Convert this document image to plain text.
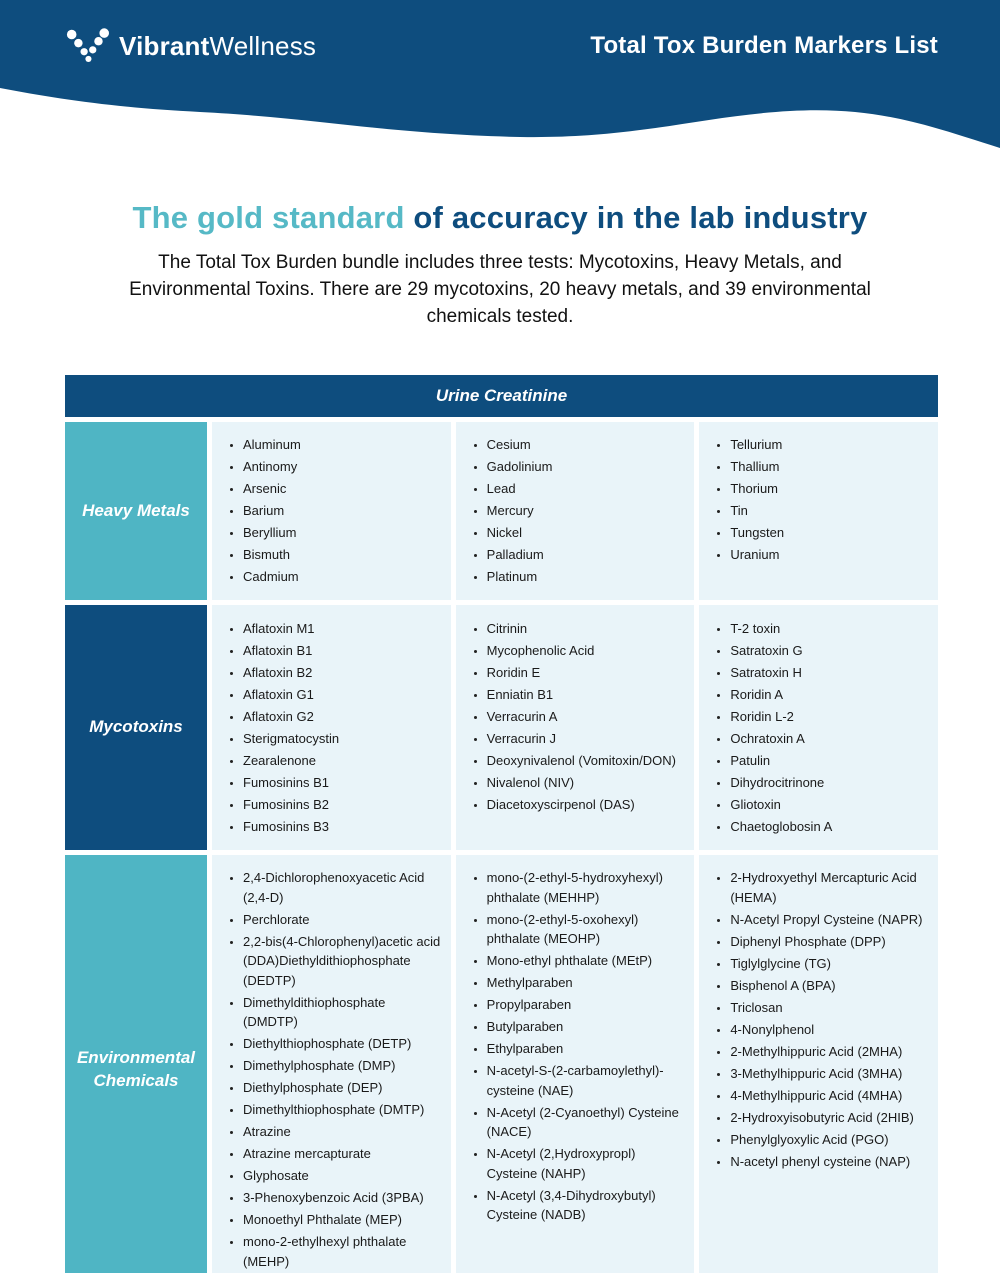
VibrantWellness	Total Tox Burden Markers List
The gold standard of accuracy in the lab industry

The Total Tox Burden bundle includes three tests: Mycotoxins, Heavy Metals, and Environmental Toxins. There are 29 mycotoxins, 20 heavy metals, and 39 environmental chemicals tested.

Urine Creatinine
Heavy Metals
• Aluminum
• Antinomy
• Arsenic
• Barium
• Beryllium
• Bismuth
• Cadmium
• Cesium
• Gadolinium
• Lead
• Mercury
• Nickel
• Palladium
• Platinum
• Tellurium
• Thallium
• Thorium
• Tin
• Tungsten
• Uranium
Mycotoxins
• Aflatoxin M1
• Aflatoxin B1
• Aflatoxin B2
• Aflatoxin G1
• Aflatoxin G2
• Sterigmatocystin
• Zearalenone
• Fumosinins B1
• Fumosinins B2
• Fumosinins B3
• Citrinin
• Mycophenolic Acid
• Roridin E
• Enniatin B1
• Verracurin A
• Verracurin J
• Deoxynivalenol (Vomitoxin/DON)
• Nivalenol (NIV)
• Diacetoxyscirpenol (DAS)
• T-2 toxin
• Satratoxin G
• Satratoxin H
• Roridin A
• Roridin L-2
• Ochratoxin A
• Patulin
• Dihydrocitrinone
• Gliotoxin
• Chaetoglobosin A
Environmental Chemicals
• 2,4-Dichlorophenoxyacetic Acid (2,4-D)
• Perchlorate
• 2,2-bis(4-Chlorophenyl)acetic acid (DDA)Diethyldithiophosphate (DEDTP)
• Dimethyldithiophosphate (DMDTP)
• Diethylthiophosphate (DETP)
• Dimethylphosphate (DMP)
• Diethylphosphate (DEP)
• Dimethylthiophosphate (DMTP)
• Atrazine
• Atrazine mercapturate
• Glyphosate
• 3-Phenoxybenzoic Acid (3PBA)
• Monoethyl Phthalate (MEP)
• mono-2-ethylhexyl phthalate (MEHP)
• mono-(2-ethyl-5-hydroxyhexyl) phthalate (MEHHP)
• mono-(2-ethyl-5-oxohexyl) phthalate (MEOHP)
• Mono-ethyl phthalate (MEtP)
• Methylparaben
• Propylparaben
• Butylparaben
• Ethylparaben
• N-acetyl-S-(2-carbamoylethyl)-cysteine (NAE)
• N-Acetyl (2-Cyanoethyl) Cysteine (NACE)
• N-Acetyl (2,Hydroxypropl) Cysteine (NAHP)
• N-Acetyl (3,4-Dihydroxybutyl) Cysteine (NADB)
• 2-Hydroxyethyl Mercapturic Acid (HEMA)
• N-Acetyl Propyl Cysteine (NAPR)
• Diphenyl Phosphate (DPP)
• Tiglylglycine (TG)
• Bisphenol A (BPA)
• Triclosan
• 4-Nonylphenol
• 2-Methylhippuric Acid (2MHA)
• 3-Methylhippuric Acid (3MHA)
• 4-Methylhippuric Acid (4MHA)
• 2-Hydroxyisobutyric Acid (2HIB)
• Phenylglyoxylic Acid (PGO)
• N-acetyl phenyl cysteine (NAP)
